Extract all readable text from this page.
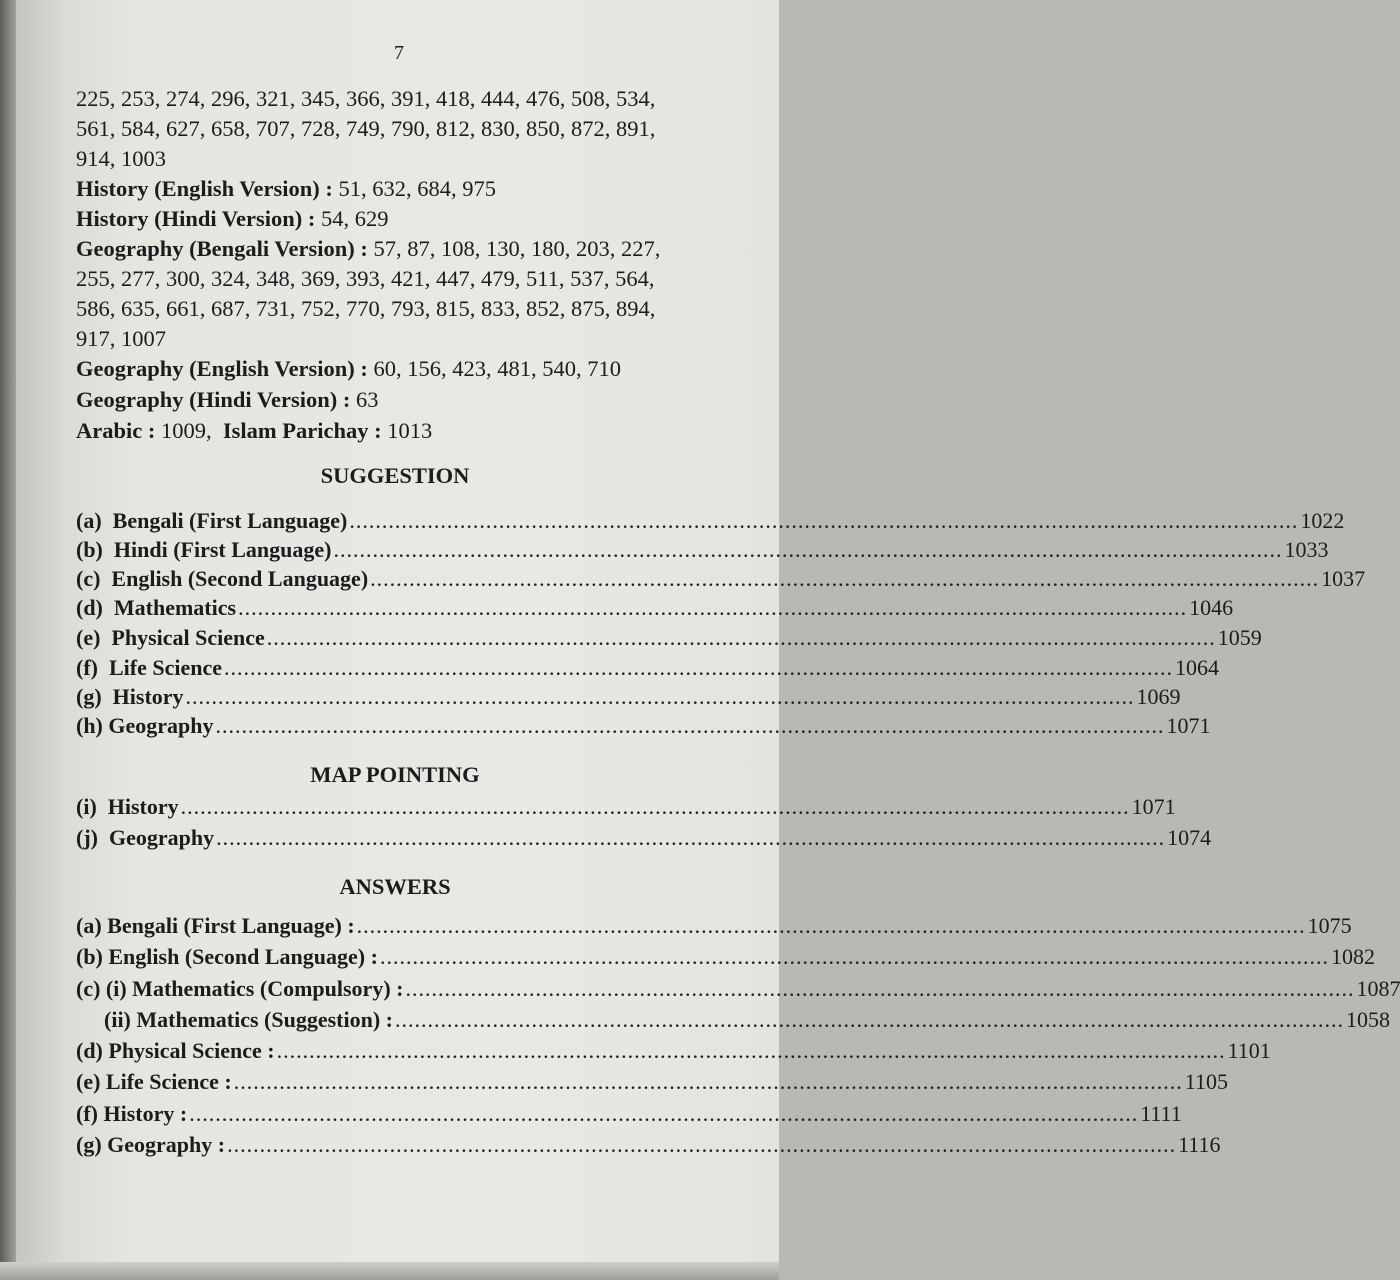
7
225, 253, 274, 296, 321, 345, 366, 391, 418, 444, 476, 508, 534,
561, 584, 627, 658, 707, 728, 749, 790, 812, 830, 850, 872, 891,
914, 1003
History (English Version) : 51, 632, 684, 975
History (Hindi Version) : 54, 629
Geography (Bengali Version) : 57, 87, 108, 130, 180, 203, 227,
255, 277, 300, 324, 348, 369, 393, 421, 447, 479, 511, 537, 564,
586, 635, 661, 687, 731, 752, 770, 793, 815, 833, 852, 875, 894,
917, 1007
Geography (English Version) : 60, 156, 423, 481, 540, 710
Geography (Hindi Version) : 63
Arabic : 1009,  Islam Parichay : 1013
SUGGESTION
(a)  Bengali (First Language) .................................................................................................................................................. 1022
(b)  Hindi (First Language) .................................................................................................................................................. 1033
(c)  English (Second Language) .................................................................................................................................................. 1037
(d)  Mathematics .................................................................................................................................................. 1046
(e)  Physical Science .................................................................................................................................................. 1059
(f)  Life Science .................................................................................................................................................. 1064
(g)  History .................................................................................................................................................. 1069
(h) Geography .................................................................................................................................................. 1071
MAP POINTING
(i)  History .................................................................................................................................................. 1071
(j)  Geography .................................................................................................................................................. 1074
ANSWERS
(a) Bengali (First Language) : .................................................................................................................................................. 1075
(b) English (Second Language) : .................................................................................................................................................. 1082
(c) (i) Mathematics (Compulsory) : .................................................................................................................................................. 1087
(ii) Mathematics (Suggestion) : .................................................................................................................................................. 1058
(d) Physical Science : .................................................................................................................................................. 1101
(e) Life Science : .................................................................................................................................................. 1105
(f) History : .................................................................................................................................................. 1111
(g) Geography : .................................................................................................................................................. 1116
